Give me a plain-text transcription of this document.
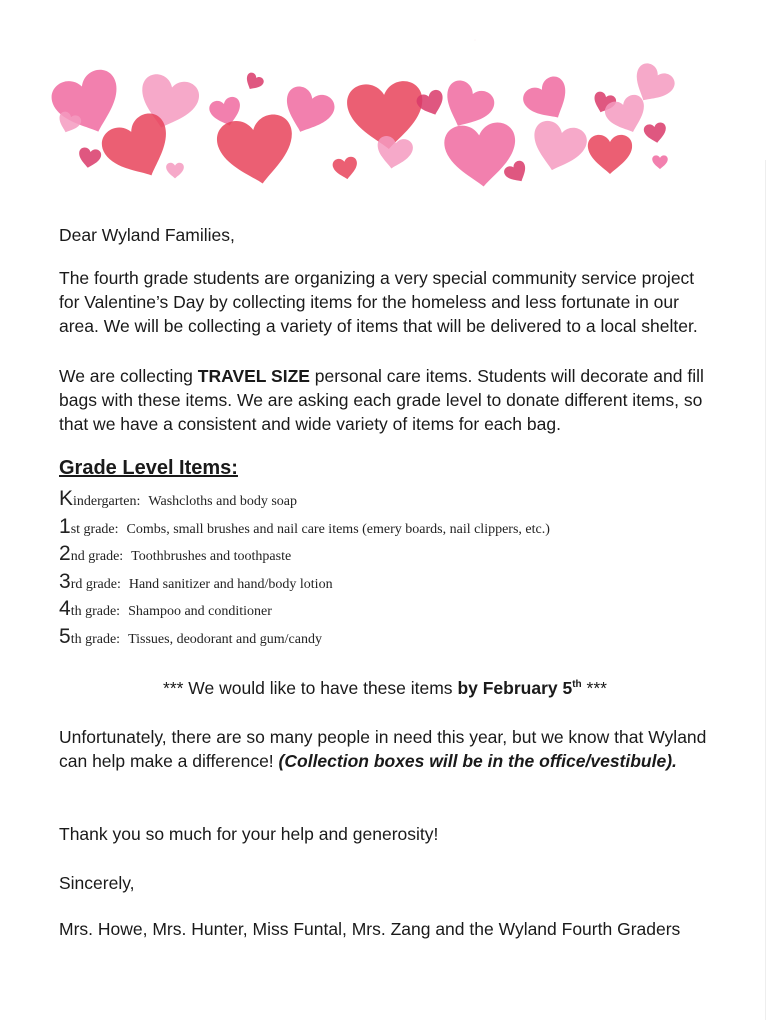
Dear Wyland Families,
The fourth grade students are organizing a very special community service project for Valentine’s Day by collecting items for the homeless and less fortunate in our area. We will be collecting a variety of items that will be delivered to a local shelter.
We are collecting TRAVEL SIZE personal care items. Students will decorate and fill bags with these items. We are asking each grade level to donate different items, so that we have a consistent and wide variety of items for each bag.
Grade Level Items:
Kindergarten: Washcloths and body soap
1st grade: Combs, small brushes and nail care items (emery boards, nail clippers, etc.)
2nd grade: Toothbrushes and toothpaste
3rd grade: Hand sanitizer and hand/body lotion
4th grade: Shampoo and conditioner
5th grade: Tissues, deodorant and gum/candy
*** We would like to have these items by February 5th ***
Unfortunately, there are so many people in need this year, but we know that Wyland can help make a difference! (Collection boxes will be in the office/vestibule).
Thank you so much for your help and generosity!
Sincerely,
Mrs. Howe, Mrs. Hunter, Miss Funtal, Mrs. Zang and the Wyland Fourth Graders
